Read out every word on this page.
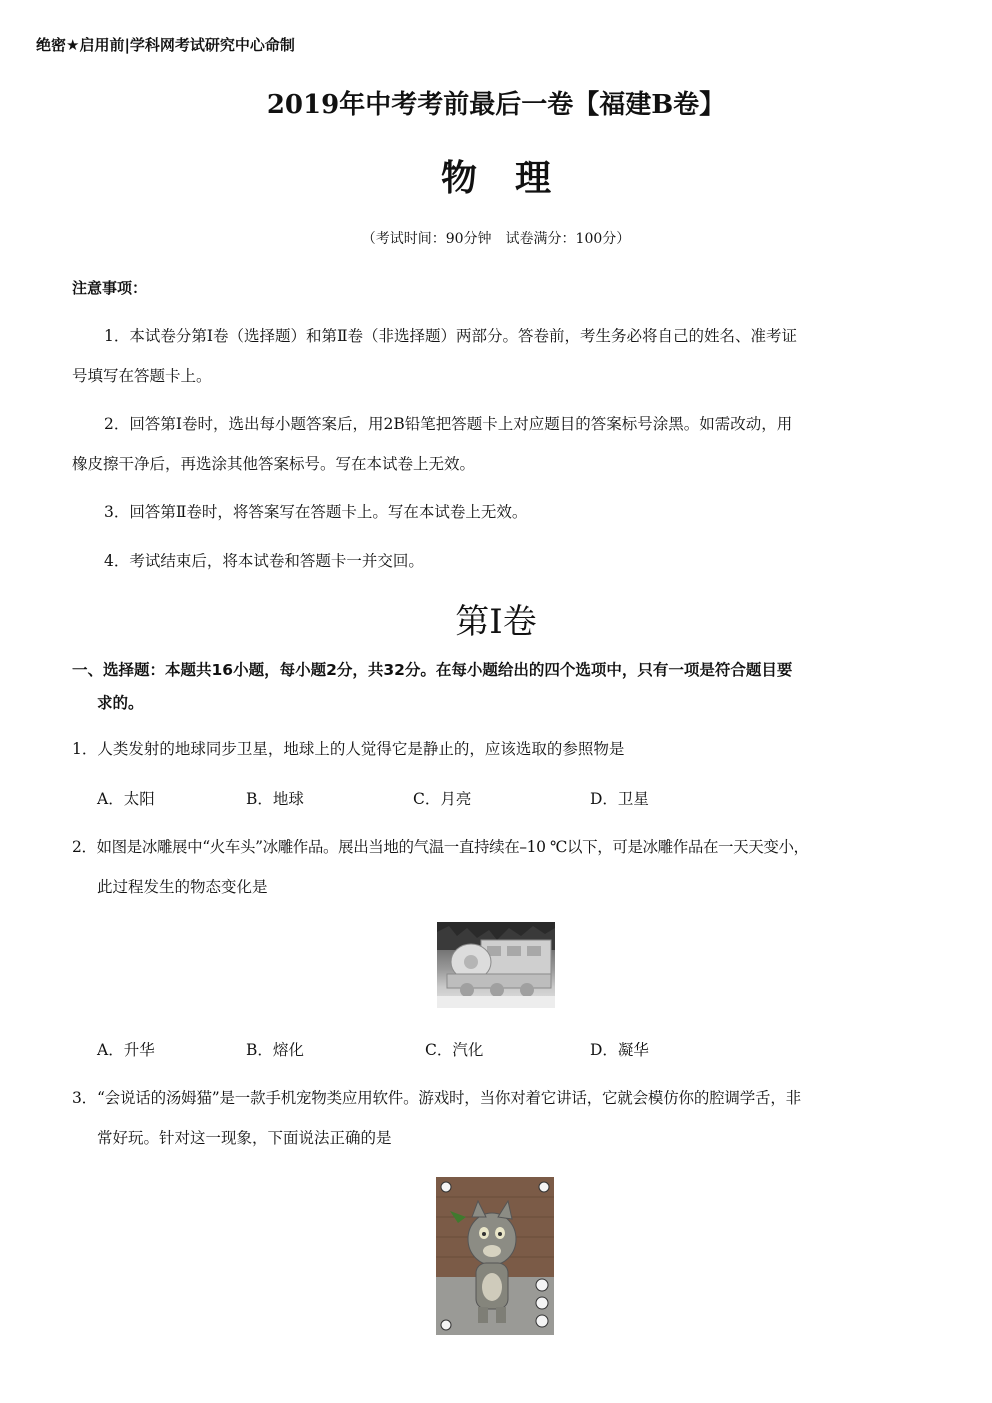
绝密★启用前|学科网考试研究中心命制
2019年中考考前最后一卷【福建B卷】
物理
（考试时间：90分钟　试卷满分：100分）
注意事项：
1．本试卷分第Ⅰ卷（选择题）和第Ⅱ卷（非选择题）两部分。答卷前，考生务必将自己的姓名、准考证
号填写在答题卡上。
2．回答第Ⅰ卷时，选出每小题答案后，用2B铅笔把答题卡上对应题目的答案标号涂黑。如需改动，用
橡皮擦干净后，再选涂其他答案标号。写在本试卷上无效。
3．回答第Ⅱ卷时，将答案写在答题卡上。写在本试卷上无效。
4．考试结束后，将本试卷和答题卡一并交回。
第Ⅰ卷
一、选择题：本题共16小题，每小题2分，共32分。在每小题给出的四个选项中，只有一项是符合题目要
求的。
1．人类发射的地球同步卫星，地球上的人觉得它是静止的，应该选取的参照物是
A．太阳	B．地球	C．月亮	D．卫星
2．如图是冰雕展中“火车头”冰雕作品。展出当地的气温一直持续在–10 ℃以下，可是冰雕作品在一天天变小，
此过程发生的物态变化是
A．升华	B．熔化	C．汽化	D．凝华
3．“会说话的汤姆猫”是一款手机宠物类应用软件。游戏时，当你对着它讲话，它就会模仿你的腔调学舌，非
常好玩。针对这一现象，下面说法正确的是
